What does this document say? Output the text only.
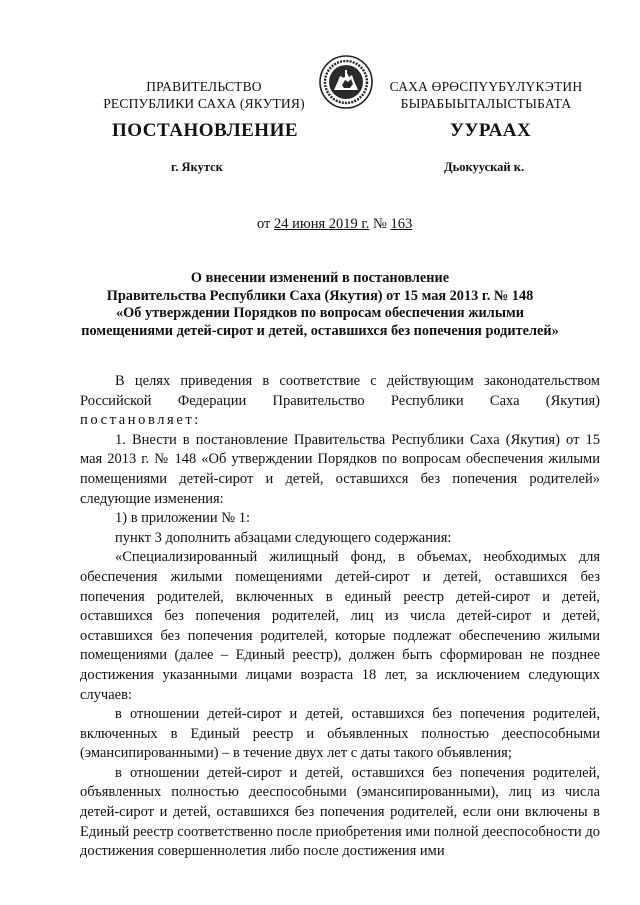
ПРАВИТЕЛЬСТВО
РЕСПУБЛИКИ САХА (ЯКУТИЯ)
САХА ӨРӨСПҮҮБҮЛҮКЭТИН
БЫРАБЫЫТАЛЫСТЫБАТА
ПОСТАНОВЛЕНИЕ	УУРААХ
г. Якутск	Дьокуускай к.
от 24 июня 2019 г. № 163
О внесении изменений в постановление
Правительства Республики Саха (Якутия) от 15 мая 2013 г. № 148
«Об утверждении Порядков по вопросам обеспечения жилыми
помещениями детей-сирот и детей, оставшихся без попечения родителей»

В целях приведения в соответствие с действующим законодательством Российской Федерации Правительство Республики Саха (Якутия) постановляет:

1. Внести в постановление Правительства Республики Саха (Якутия) от 15 мая 2013 г. № 148 «Об утверждении Порядков по вопросам обеспечения жилыми помещениями детей-сирот и детей, оставшихся без попечения родителей» следующие изменения:

1) в приложении № 1:

пункт 3 дополнить абзацами следующего содержания:

«Специализированный жилищный фонд, в объемах, необходимых для обеспечения жилыми помещениями детей-сирот и детей, оставшихся без попечения родителей, включенных в единый реестр детей-сирот и детей, оставшихся без попечения родителей, лиц из числа детей-сирот и детей, оставшихся без попечения родителей, которые подлежат обеспечению жилыми помещениями (далее – Единый реестр), должен быть сформирован не позднее достижения указанными лицами возраста 18 лет, за исключением следующих случаев:

в отношении детей-сирот и детей, оставшихся без попечения родителей, включенных в Единый реестр и объявленных полностью дееспособными (эмансипированными) – в течение двух лет с даты такого объявления;

в отношении детей-сирот и детей, оставшихся без попечения родителей, объявленных полностью дееспособными (эмансипированными), лиц из числа детей-сирот и детей, оставшихся без попечения родителей, если они включены в Единый реестр соответственно после приобретения ими полной дееспособности до достижения совершеннолетия либо после достижения ими
